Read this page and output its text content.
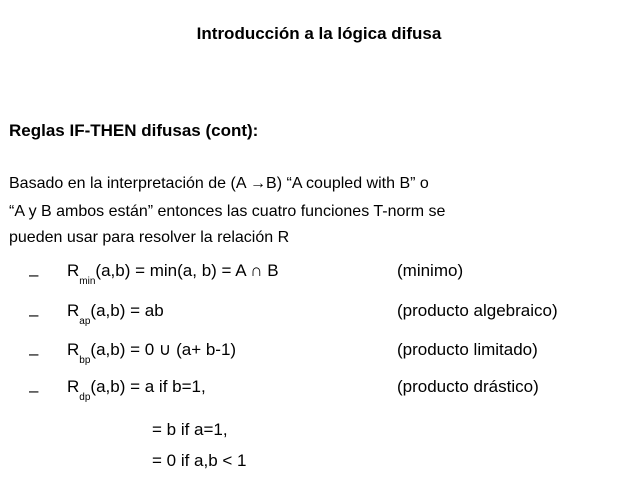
Introducción a la lógica difusa
Reglas IF-THEN difusas (cont):
Basado en la interpretación de (A →B) “A coupled with B” o
“A y B ambos están” entonces las cuatro funciones T-norm se
pueden usar para resolver la relación R
– $R_{min}(a,b) = \min(a$, b) = A ∩ B	(minimo)
– $R_{ap}(a,b)$ = ab	(producto algebraico)
– $R_{bp}(a,b) = 0$ ∪ (a+ b-1)	(producto limitado)
– $R_{dp}(a,b) = a$ if b=1,	(producto drástico)
= b if a=1,
= 0 if a,b < 1
